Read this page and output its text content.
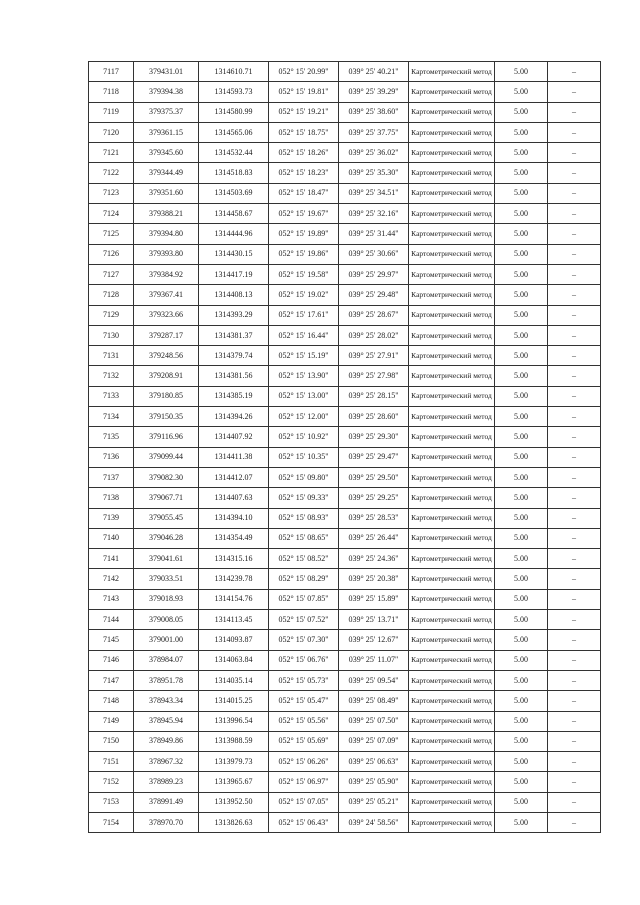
7117	379431.01	1314610.71	052° 15' 20.99"	039° 25' 40.21"	Картометрический метод	5.00	–
7118	379394.38	1314593.73	052° 15' 19.81"	039° 25' 39.29"	Картометрический метод	5.00	–
7119	379375.37	1314580.99	052° 15' 19.21"	039° 25' 38.60"	Картометрический метод	5.00	–
7120	379361.15	1314565.06	052° 15' 18.75"	039° 25' 37.75"	Картометрический метод	5.00	–
7121	379345.60	1314532.44	052° 15' 18.26"	039° 25' 36.02"	Картометрический метод	5.00	–
7122	379344.49	1314518.83	052° 15' 18.23"	039° 25' 35.30"	Картометрический метод	5.00	–
7123	379351.60	1314503.69	052° 15' 18.47"	039° 25' 34.51"	Картометрический метод	5.00	–
7124	379388.21	1314458.67	052° 15' 19.67"	039° 25' 32.16"	Картометрический метод	5.00	–
7125	379394.80	1314444.96	052° 15' 19.89"	039° 25' 31.44"	Картометрический метод	5.00	–
7126	379393.80	1314430.15	052° 15' 19.86"	039° 25' 30.66"	Картометрический метод	5.00	–
7127	379384.92	1314417.19	052° 15' 19.58"	039° 25' 29.97"	Картометрический метод	5.00	–
7128	379367.41	1314408.13	052° 15' 19.02"	039° 25' 29.48"	Картометрический метод	5.00	–
7129	379323.66	1314393.29	052° 15' 17.61"	039° 25' 28.67"	Картометрический метод	5.00	–
7130	379287.17	1314381.37	052° 15' 16.44"	039° 25' 28.02"	Картометрический метод	5.00	–
7131	379248.56	1314379.74	052° 15' 15.19"	039° 25' 27.91"	Картометрический метод	5.00	–
7132	379208.91	1314381.56	052° 15' 13.90"	039° 25' 27.98"	Картометрический метод	5.00	–
7133	379180.85	1314385.19	052° 15' 13.00"	039° 25' 28.15"	Картометрический метод	5.00	–
7134	379150.35	1314394.26	052° 15' 12.00"	039° 25' 28.60"	Картометрический метод	5.00	–
7135	379116.96	1314407.92	052° 15' 10.92"	039° 25' 29.30"	Картометрический метод	5.00	–
7136	379099.44	1314411.38	052° 15' 10.35"	039° 25' 29.47"	Картометрический метод	5.00	–
7137	379082.30	1314412.07	052° 15' 09.80"	039° 25' 29.50"	Картометрический метод	5.00	–
7138	379067.71	1314407.63	052° 15' 09.33"	039° 25' 29.25"	Картометрический метод	5.00	–
7139	379055.45	1314394.10	052° 15' 08.93"	039° 25' 28.53"	Картометрический метод	5.00	–
7140	379046.28	1314354.49	052° 15' 08.65"	039° 25' 26.44"	Картометрический метод	5.00	–
7141	379041.61	1314315.16	052° 15' 08.52"	039° 25' 24.36"	Картометрический метод	5.00	–
7142	379033.51	1314239.78	052° 15' 08.29"	039° 25' 20.38"	Картометрический метод	5.00	–
7143	379018.93	1314154.76	052° 15' 07.85"	039° 25' 15.89"	Картометрический метод	5.00	–
7144	379008.05	1314113.45	052° 15' 07.52"	039° 25' 13.71"	Картометрический метод	5.00	–
7145	379001.00	1314093.87	052° 15' 07.30"	039° 25' 12.67"	Картометрический метод	5.00	–
7146	378984.07	1314063.84	052° 15' 06.76"	039° 25' 11.07"	Картометрический метод	5.00	–
7147	378951.78	1314035.14	052° 15' 05.73"	039° 25' 09.54"	Картометрический метод	5.00	–
7148	378943.34	1314015.25	052° 15' 05.47"	039° 25' 08.49"	Картометрический метод	5.00	–
7149	378945.94	1313996.54	052° 15' 05.56"	039° 25' 07.50"	Картометрический метод	5.00	–
7150	378949.86	1313988.59	052° 15' 05.69"	039° 25' 07.09"	Картометрический метод	5.00	–
7151	378967.32	1313979.73	052° 15' 06.26"	039° 25' 06.63"	Картометрический метод	5.00	–
7152	378989.23	1313965.67	052° 15' 06.97"	039° 25' 05.90"	Картометрический метод	5.00	–
7153	378991.49	1313952.50	052° 15' 07.05"	039° 25' 05.21"	Картометрический метод	5.00	–
7154	378970.70	1313826.63	052° 15' 06.43"	039° 24' 58.56"	Картометрический метод	5.00	–
